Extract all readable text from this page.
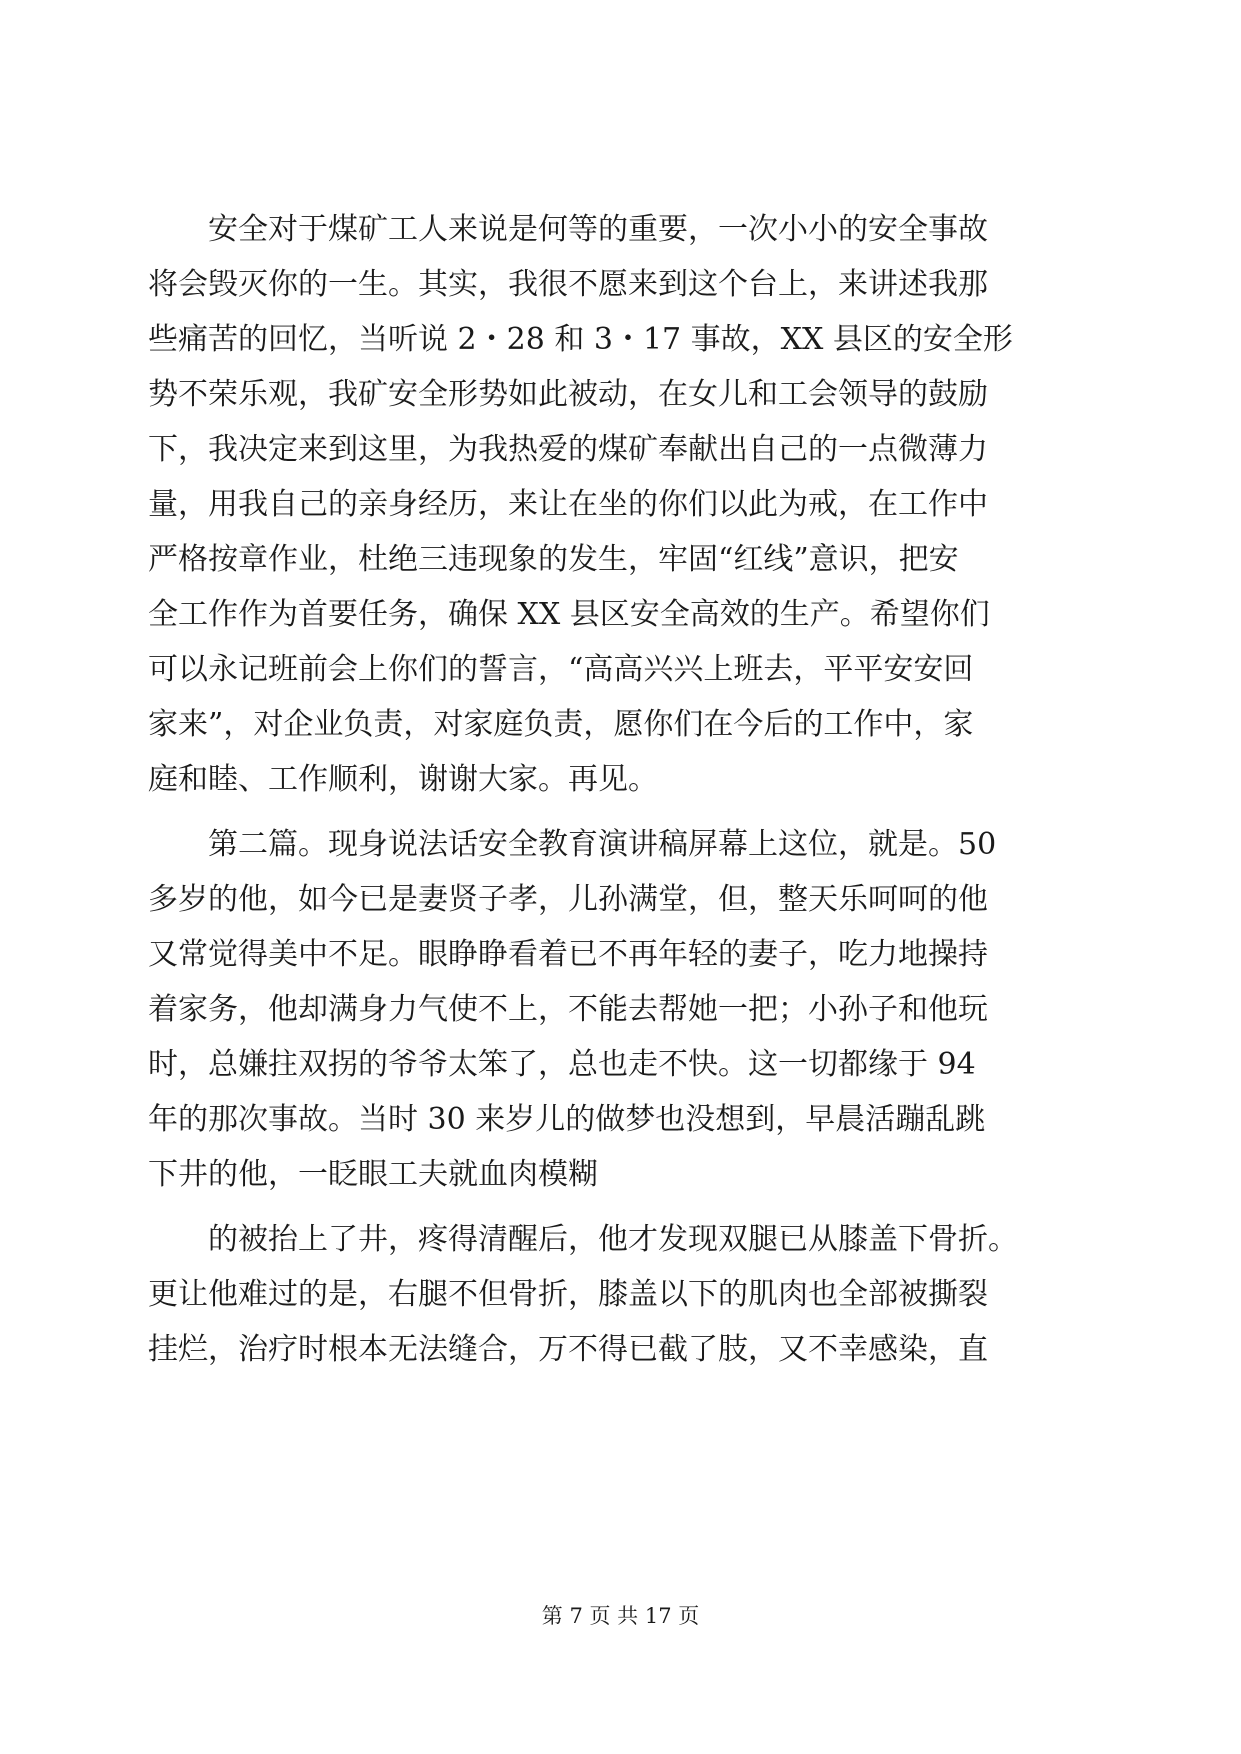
安全对于煤矿工人来说是何等的重要，一次小小的安全事故
将会毁灭你的一生。其实，我很不愿来到这个台上，来讲述我那
些痛苦的回忆，当听说 2・28 和 3・17 事故，XX 县区的安全形
势不荣乐观，我矿安全形势如此被动，在女儿和工会领导的鼓励
下，我决定来到这里，为我热爱的煤矿奉献出自己的一点微薄力
量，用我自己的亲身经历，来让在坐的你们以此为戒，在工作中
严格按章作业，杜绝三违现象的发生，牢固“红线”意识，把安
全工作作为首要任务，确保 XX 县区安全高效的生产。希望你们
可以永记班前会上你们的誓言，“高高兴兴上班去，平平安安回
家来”，对企业负责，对家庭负责，愿你们在今后的工作中，家
庭和睦、工作顺利，谢谢大家。再见。
第二篇。现身说法话安全教育演讲稿屏幕上这位，就是。50
多岁的他，如今已是妻贤子孝，儿孙满堂，但，整天乐呵呵的他
又常觉得美中不足。眼睁睁看着已不再年轻的妻子，吃力地操持
着家务，他却满身力气使不上，不能去帮她一把；小孙子和他玩
时，总嫌拄双拐的爷爷太笨了，总也走不快。这一切都缘于 94
年的那次事故。当时 30 来岁儿的做梦也没想到，早晨活蹦乱跳
下井的他，一眨眼工夫就血肉模糊
的被抬上了井，疼得清醒后，他才发现双腿已从膝盖下骨折。
更让他难过的是，右腿不但骨折，膝盖以下的肌肉也全部被撕裂
挂烂，治疗时根本无法缝合，万不得已截了肢，又不幸感染，直
第 7 页 共 17 页
